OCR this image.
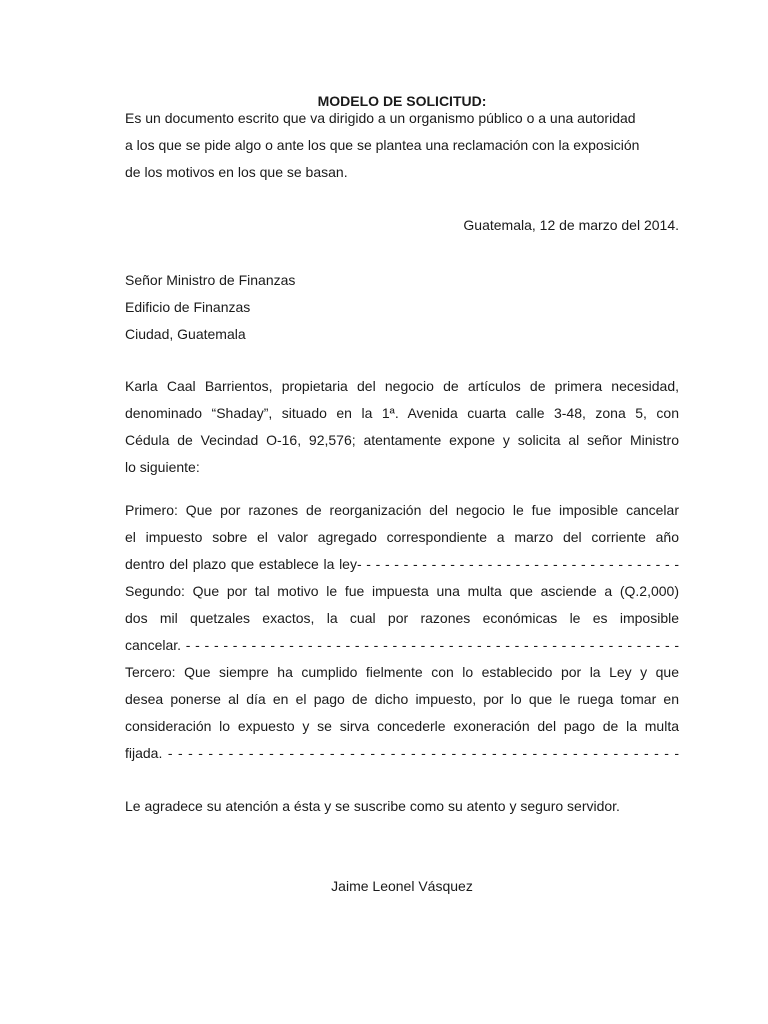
MODELO DE SOLICITUD:
Es un documento escrito que va dirigido a un organismo público o a una autoridad
a los que se pide algo o ante los que se plantea una reclamación con la exposición
de los motivos en los que se basan.
Guatemala, 12 de marzo del 2014.
Señor Ministro de Finanzas
Edificio de Finanzas
Ciudad, Guatemala
Karla Caal Barrientos, propietaria del negocio de artículos de primera necesidad,
denominado “Shaday”, situado en la 1ª. Avenida cuarta calle 3-48, zona 5, con
Cédula de Vecindad O-16, 92,576; atentamente expone y solicita al señor Ministro
lo siguiente:
Primero: Que por razones de reorganización del negocio le fue imposible cancelar
el impuesto sobre el valor agregado correspondiente a marzo del corriente año
dentro del plazo que establece la ley- - - - - - - - - - - - - - - - - - - - - - - - - - - - - - - - - - -
Segundo: Que por tal motivo le fue impuesta una multa que asciende a (Q.2,000)
dos mil quetzales exactos, la cual por razones económicas le es imposible
cancelar. - - - - - - - - - - - - - - - - - - - - - - - - - - - - - - - - - - - - - - - - - - - - - - - - - - - - -
Tercero: Que siempre ha cumplido fielmente con lo establecido por la Ley y que
desea ponerse al día en el pago de dicho impuesto, por lo que le ruega tomar en
consideración lo expuesto y se sirva concederle exoneración del pago de la multa
fijada. - - - - - - - - - - - - - - - - - - - - - - - - - - - - - - - - - - - - - - - - - - - - - - - - - - -
Le agradece su atención a ésta y se suscribe como su atento y seguro servidor.
Jaime Leonel Vásquez
